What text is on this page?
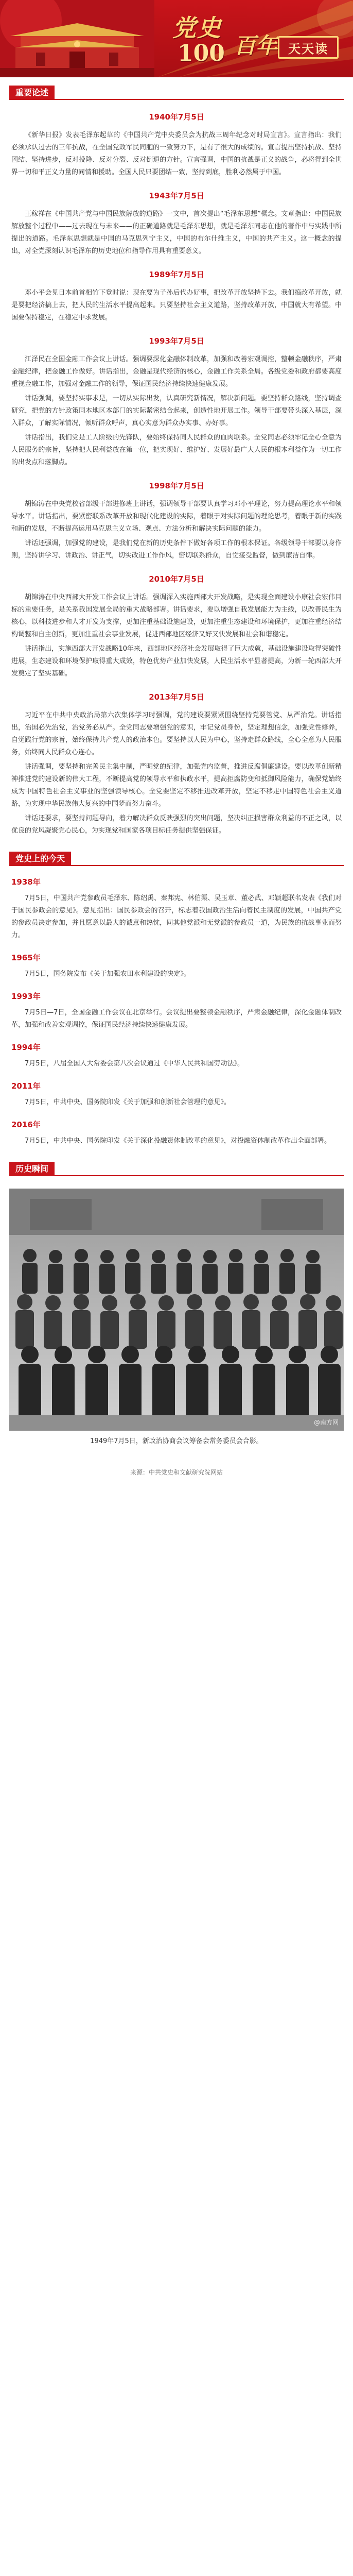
党史
100 百年 天天读
重要论述
1940年7月5日

《新华日报》发表毛泽东起草的《中国共产党中央委员会为抗战三周年纪念对时局宣言》。宣言指出：我们必须承认过去的三年抗战，在全国党政军民同胞的一致努力下，是有了很大的成绩的。宣言提出坚持抗战、坚持团结、坚持进步，反对投降、反对分裂、反对倒退的方针。宣言强调，中国的抗战是正义的战争，必将得到全世界一切和平正义力量的同情和援助。全国人民只要团结一致，坚持到底，胜利必然属于中国。

1943年7月5日

王稼祥在《中国共产党与中国民族解放的道路》一文中，首次提出“毛泽东思想”概念。文章指出：中国民族解放整个过程中——过去现在与未来——的正确道路就是毛泽东思想，就是毛泽东同志在他的著作中与实践中所提出的道路。毛泽东思想就是中国的马克思列宁主义，中国的布尔什维主义，中国的共产主义。这一概念的提出，对全党深刻认识毛泽东的历史地位和指导作用具有重要意义。

1989年7月5日

邓小平会见日本前首相竹下登时说：现在要为子孙后代办好事，把改革开放坚持下去。我们搞改革开放，就是要把经济搞上去，把人民的生活水平提高起来。只要坚持社会主义道路，坚持改革开放，中国就大有希望。中国要保持稳定，在稳定中求发展。

1993年7月5日

江泽民在全国金融工作会议上讲话。强调要深化金融体制改革，加强和改善宏观调控，整顿金融秩序，严肃金融纪律，把金融工作做好。讲话指出，金融是现代经济的核心，金融工作关系全局。各级党委和政府都要高度重视金融工作，加强对金融工作的领导，保证国民经济持续快速健康发展。

讲话强调，要坚持实事求是，一切从实际出发，认真研究新情况，解决新问题。要坚持群众路线，坚持调查研究，把党的方针政策同本地区本部门的实际紧密结合起来，创造性地开展工作。领导干部要带头深入基层，深入群众，了解实际情况，倾听群众呼声，真心实意为群众办实事、办好事。

讲话指出，我们党是工人阶级的先锋队，要始终保持同人民群众的血肉联系。全党同志必须牢记全心全意为人民服务的宗旨，坚持把人民利益放在第一位，把实现好、维护好、发展好最广大人民的根本利益作为一切工作的出发点和落脚点。

1998年7月5日

胡锦涛在中央党校省部级干部进修班上讲话，强调领导干部要认真学习邓小平理论，努力提高理论水平和领导水平。讲话指出，要紧密联系改革开放和现代化建设的实际，着眼于对实际问题的理论思考，着眼于新的实践和新的发展，不断提高运用马克思主义立场、观点、方法分析和解决实际问题的能力。

讲话还强调，加强党的建设，是我们党在新的历史条件下做好各项工作的根本保证。各级领导干部要以身作则，坚持讲学习、讲政治、讲正气，切实改进工作作风，密切联系群众，自觉接受监督，做到廉洁自律。

2010年7月5日

胡锦涛在中央西部大开发工作会议上讲话。强调深入实施西部大开发战略，是实现全面建设小康社会宏伟目标的重要任务，是关系我国发展全局的重大战略部署。讲话要求，要以增强自我发展能力为主线，以改善民生为核心，以科技进步和人才开发为支撑，更加注重基础设施建设，更加注重生态建设和环境保护，更加注重经济结构调整和自主创新，更加注重社会事业发展，促进西部地区经济又好又快发展和社会和谐稳定。

讲话指出，实施西部大开发战略10年来，西部地区经济社会发展取得了巨大成就，基础设施建设取得突破性进展，生态建设和环境保护取得重大成效，特色优势产业加快发展，人民生活水平显著提高，为新一轮西部大开发奠定了坚实基础。

2013年7月5日

习近平在中共中央政治局第六次集体学习时强调，党的建设要紧紧围绕坚持党要管党、从严治党。讲话指出，治国必先治党，治党务必从严。全党同志要增强党的意识，牢记党员身份，坚定理想信念，加强党性修养，自觉践行党的宗旨，始终保持共产党人的政治本色。要坚持以人民为中心，坚持走群众路线，全心全意为人民服务，始终同人民群众心连心。

讲话强调，要坚持和完善民主集中制，严明党的纪律，加强党内监督，推进反腐倡廉建设。要以改革创新精神推进党的建设新的伟大工程，不断提高党的领导水平和执政水平，提高拒腐防变和抵御风险能力，确保党始终成为中国特色社会主义事业的坚强领导核心。全党要坚定不移推进改革开放，坚定不移走中国特色社会主义道路，为实现中华民族伟大复兴的中国梦而努力奋斗。

讲话还要求，要坚持问题导向，着力解决群众反映强烈的突出问题，坚决纠正损害群众利益的不正之风，以优良的党风凝聚党心民心，为实现党和国家各项目标任务提供坚强保证。

党史上的今天
1938年

7月5日，中国共产党参政员毛泽东、陈绍禹、秦邦宪、林伯渠、吴玉章、董必武、邓颖超联名发表《我们对于国民参政会的意见》。意见指出：国民参政会的召开，标志着我国政治生活向着民主制度的发展，中国共产党的参政员决定参加，并且愿意以最大的诚意和热忱，同其他党派和无党派的参政员一道，为民族的抗战事业而努力。

1965年

7月5日，国务院发布《关于加强农田水利建设的决定》。

1993年

7月5日—7日，全国金融工作会议在北京举行。会议提出要整顿金融秩序，严肃金融纪律，深化金融体制改革，加强和改善宏观调控，保证国民经济持续快速健康发展。

1994年

7月5日，八届全国人大常委会第八次会议通过《中华人民共和国劳动法》。

2011年

7月5日，中共中央、国务院印发《关于加强和创新社会管理的意见》。

2016年

7月5日，中共中央、国务院印发《关于深化投融资体制改革的意见》，对投融资体制改革作出全面部署。

历史瞬间
@南方网
1949年7月5日，新政治协商会议筹备会常务委员会合影。
来源：中共党史和文献研究院网站
